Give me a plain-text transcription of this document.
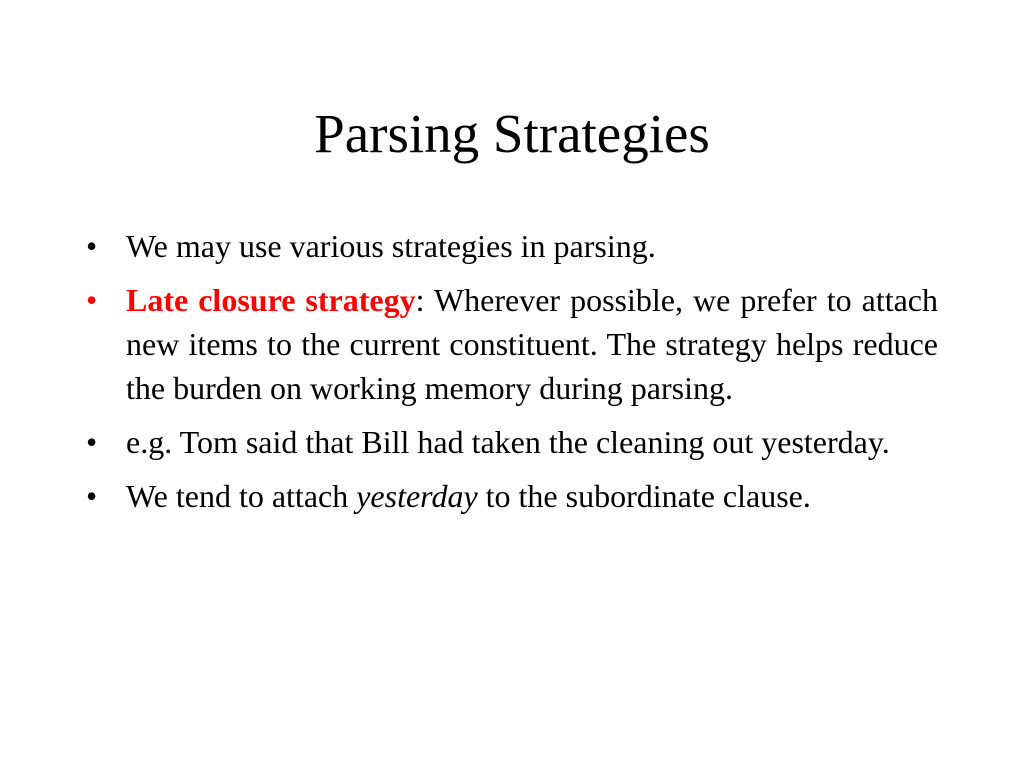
Parsing Strategies
• We may use various strategies in parsing.
• Late closure strategy: Wherever possible, we prefer to attach new items to the current constituent. The strategy helps reduce the burden on working memory during parsing.
• e.g. Tom said that Bill had taken the cleaning out yesterday.
• We tend to attach yesterday to the subordinate clause.
